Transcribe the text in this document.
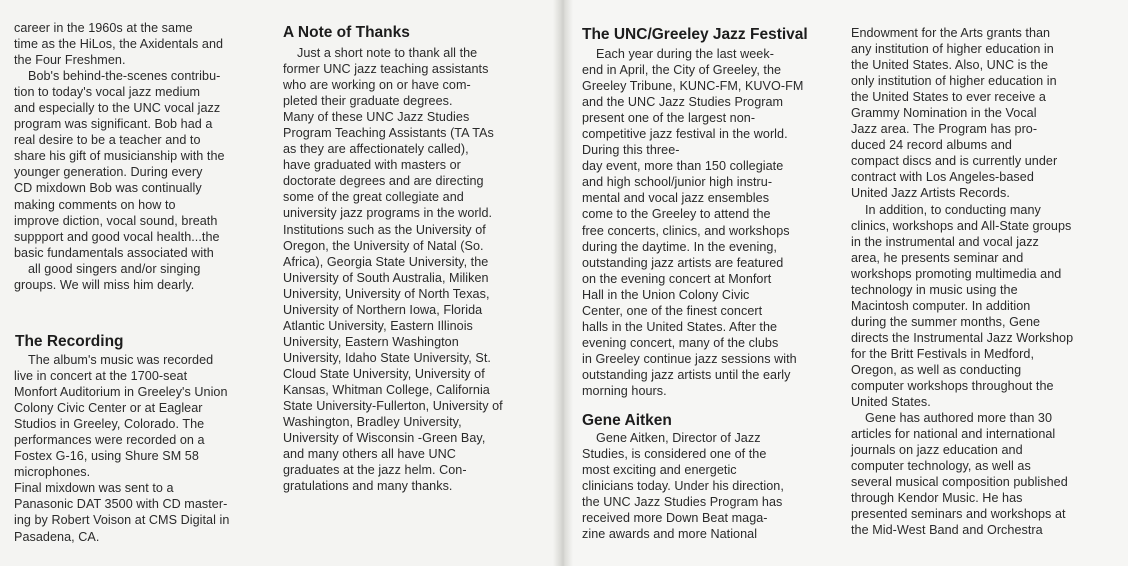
career in the 1960s at the same
time as the HiLos, the Axidentals and
the Four Freshmen.
Bob's behind-the-scenes contribu-
tion to today's vocal jazz medium
and especially to the UNC vocal jazz
program was significant. Bob had a
real desire to be a teacher and to
share his gift of musicianship with the
younger generation. During every
CD mixdown Bob was continually
making comments on how to
improve diction, vocal sound, breath
suppport and good vocal health...the
basic fundamentals associated with
all good singers and/or singing
groups. We will miss him dearly.
The Recording
The album's music was recorded
live in concert at the 1700-seat
Monfort Auditorium in Greeley's Union
Colony Civic Center or at Eaglear
Studios in Greeley, Colorado. The
performances were recorded on a
Fostex G-16, using Shure SM 58
microphones.
Final mixdown was sent to a
Panasonic DAT 3500 with CD master-
ing by Robert Voison at CMS Digital in
Pasadena, CA.
A Note of Thanks
Just a short note to thank all the
former UNC jazz teaching assistants
who are working on or have com-
pleted their graduate degrees.
Many of these UNC Jazz Studies
Program Teaching Assistants (TA TAs
as they are affectionately called),
have graduated with masters or
doctorate degrees and are directing
some of the great collegiate and
university jazz programs in the world.
Institutions such as the University of
Oregon, the University of Natal (So.
Africa), Georgia State University, the
University of South Australia, Miliken
University, University of North Texas,
University of Northern Iowa, Florida
Atlantic University, Eastern Illinois
University, Eastern Washington
University, Idaho State University, St.
Cloud State University, University of
Kansas, Whitman College, California
State University-Fullerton, University of
Washington, Bradley University,
University of Wisconsin -Green Bay,
and many others all have UNC
graduates at the jazz helm. Con-
gratulations and many thanks.
The UNC/Greeley Jazz Festival
Each year during the last week-
end in April, the City of Greeley, the
Greeley Tribune, KUNC-FM, KUVO-FM
and the UNC Jazz Studies Program
present one of the largest non-
competitive jazz festival in the world.
During this three-
day event, more than 150 collegiate
and high school/junior high instru-
mental and vocal jazz ensembles
come to the Greeley to attend the
free concerts, clinics, and workshops
during the daytime. In the evening,
outstanding jazz artists are featured
on the evening concert at Monfort
Hall in the Union Colony Civic
Center, one of the finest concert
halls in the United States. After the
evening concert, many of the clubs
in Greeley continue jazz sessions with
outstanding jazz artists until the early
morning hours.
Gene Aitken
Gene Aitken, Director of Jazz
Studies, is considered one of the
most exciting and energetic
clinicians today. Under his direction,
the UNC Jazz Studies Program has
received more Down Beat maga-
zine awards and more National
Endowment for the Arts grants than
any institution of higher education in
the United States. Also, UNC is the
only institution of higher education in
the United States to ever receive a
Grammy Nomination in the Vocal
Jazz area. The Program has pro-
duced 24 record albums and
compact discs and is currently under
contract with Los Angeles-based
United Jazz Artists Records.
In addition, to conducting many
clinics, workshops and All-State groups
in the instrumental and vocal jazz
area, he presents seminar and
workshops promoting multimedia and
technology in music using the
Macintosh computer. In addition
during the summer months, Gene
directs the Instrumental Jazz Workshop
for the Britt Festivals in Medford,
Oregon, as well as conducting
computer workshops throughout the
United States.
Gene has authored more than 30
articles for national and international
journals on jazz education and
computer technology, as well as
several musical composition published
through Kendor Music. He has
presented seminars and workshops at
the Mid-West Band and Orchestra
